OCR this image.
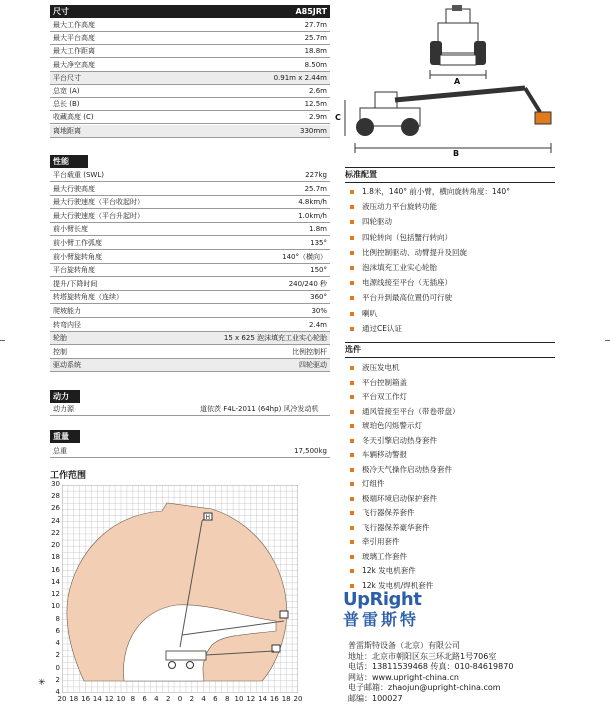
尺寸	A85JRT
最大工作高度	27.7m
最大平台高度	25.7m
最大工作距离	18.8m
最大净空高度	8.50m
平台尺寸	0.91m x 2.44m
总宽 (A)	2.6m
总长 (B)	12.5m
收藏高度 (C)	2.9m
离地距离	330mm
性能
平台载重 (SWL)	227kg
最大行驶高度	25.7m
最大行驶速度（平台收起时）	4.8km/h
最大行驶速度（平台升起时）	1.0km/h
前小臂长度	1.8m
前小臂工作弧度	135°
前小臂旋转角度	140°（横向）
平台旋转角度	150°
提升/下降时间	240/240 秒
转塔旋转角度（连续）	360°
爬坡能力	30%
转弯内径	2.4m
轮胎	15 x 625 泡沫填充工业实心轮胎
控制	比例控制杆
驱动系统	四轮驱动
动力
动力源	道依茨 F4L-2011 (64hp) 风冷发动机
重量
总重	17,500kg
工作范围
H
30
28
26
24
22
20
18
16
14
12
10
8
6
4
2
0
2
4
20 18 16 14 12 10 8	6	4	2	0	2	4	6	8 10 12 14 16 18 20
✳
A
C
B
标准配置
1.8米，140° 前小臂，横向旋转角度：140°
液压动力平台旋转功能
四轮驱动
四轮转向（包括蟹行转向）
比例控制驱动、动臂提升及回旋
泡沫填充工业实心轮胎
电源线接至平台（无插座）
平台升到最高位置仍可行驶
喇叭
通过CE认证
选件
液压发电机
平台控制箱盖
平台双工作灯
通风管接至平台（带卷带盘）
琥珀色闪烁警示灯
冬天引擎启动热身套件
车辆移动警报
极冷天气操作启动热身套件
灯组件
极端环境启动保护套件
飞行器保养套件
飞行器保养豪华套件
牵引用套件
玻璃工作套件
12k 发电机套件
12k 发电机/焊机套件
UpRight
普雷斯特
普雷斯特设备（北京）有限公司
地址：北京市朝阳区东三环北路1号706室
电话：13811539468 传真：010-84619870
网站：www.upright-china.cn
电子邮箱：zhaojun@upright-china.com
邮编：100027
